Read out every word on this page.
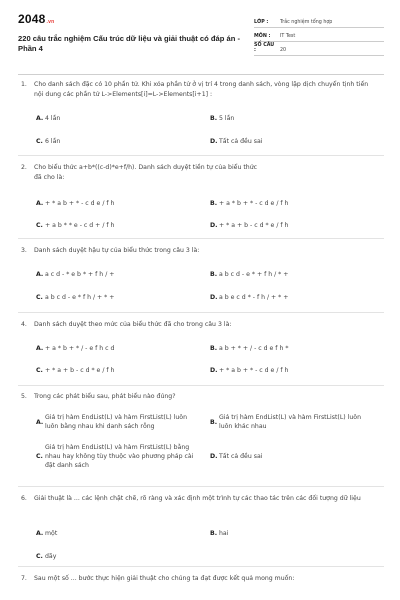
2048.vn
220 câu trắc nghiệm Cấu trúc dữ liệu và giải thuật có đáp án - Phần 4
LỚP :	Trắc nghiệm tổng hợp
MÔN :	IT Test
SỐ CÂU :	20
1. Cho danh sách đặc có 10 phần tử. Khi xóa phần tử ở vị trí 4 trong danh sách, vòng lặp dịch chuyển tịnh tiến nội dung các phần tử L->Elements[i]=L->Elements[i+1] :
A. 4 lần	B. 5 lần
C. 6 lần	D. Tất cả đều sai
2. Cho biểu thức a+b*((c-d)*e+f/h). Danh sách duyệt tiền tự của biểu thức đã cho là:
A. + * a b + * - c d e / f h	B. + a * b + * - c d e / f h
C. + a b * * e - c d + / f h	D. + * a + b - c d * e / f h
3. Danh sách duyệt hậu tự của biểu thức trong câu 3 là:
A. a c d - * e b * + f h / +	B. a b c d - e * + f h / * +
C. a b c d - e * f h / + * +	D. a b e c d * - f h / + * +
4. Danh sách duyệt theo mức của biểu thức đã cho trong câu 3 là:
A. + a * b + * / - e f h c d	B. a b + * + / - c d e f h *
C. + * a + b - c d * e / f h	D. + * a b + * - c d e / f h
5. Trong các phát biểu sau, phát biểu nào đúng?
A.
Giá trị hàm EndList(L) và hàm FirstList(L) luôn luôn bằng nhau khi danh sách rỗng
B.
Giá trị hàm EndList(L) và hàm FirstList(L) luôn luôn khác nhau
C.
Giá trị hàm EndList(L) và hàm FirstList(L) bằng nhau hay không tùy thuộc vào phương pháp cài đặt danh sách
D. Tất cả đều sai
6. Giải thuật là ... các lệnh chặt chẽ, rõ ràng và xác định một trình tự các thao tác trên các đối tượng dữ liệu
A. một	B. hai
C. dãy
7. Sau một số ... bước thực hiện giải thuật cho chúng ta đạt được kết quả mong muốn:
